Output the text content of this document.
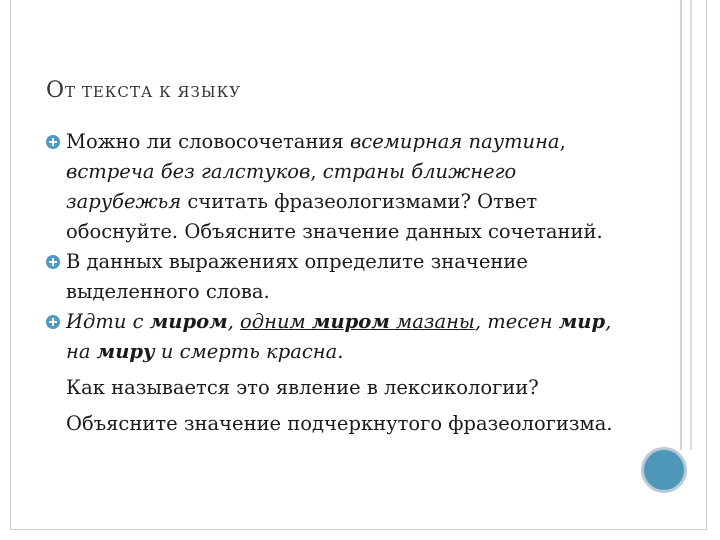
ОТ ТЕКСТА К ЯЗЫКУ
Можно ли словосочетания всемирная паутина, встреча без галстуков, страны ближнего зарубежья считать фразеологизмами? Ответ обоснуйте. Объясните значение данных сочетаний.
В данных выражениях определите значение выделенного слова.
Идти с миром, одним миром мазаны, тесен мир, на миру и смерть красна.
Как называется это явление в лексикологии?
Объясните значение подчеркнутого фразеологизма.
